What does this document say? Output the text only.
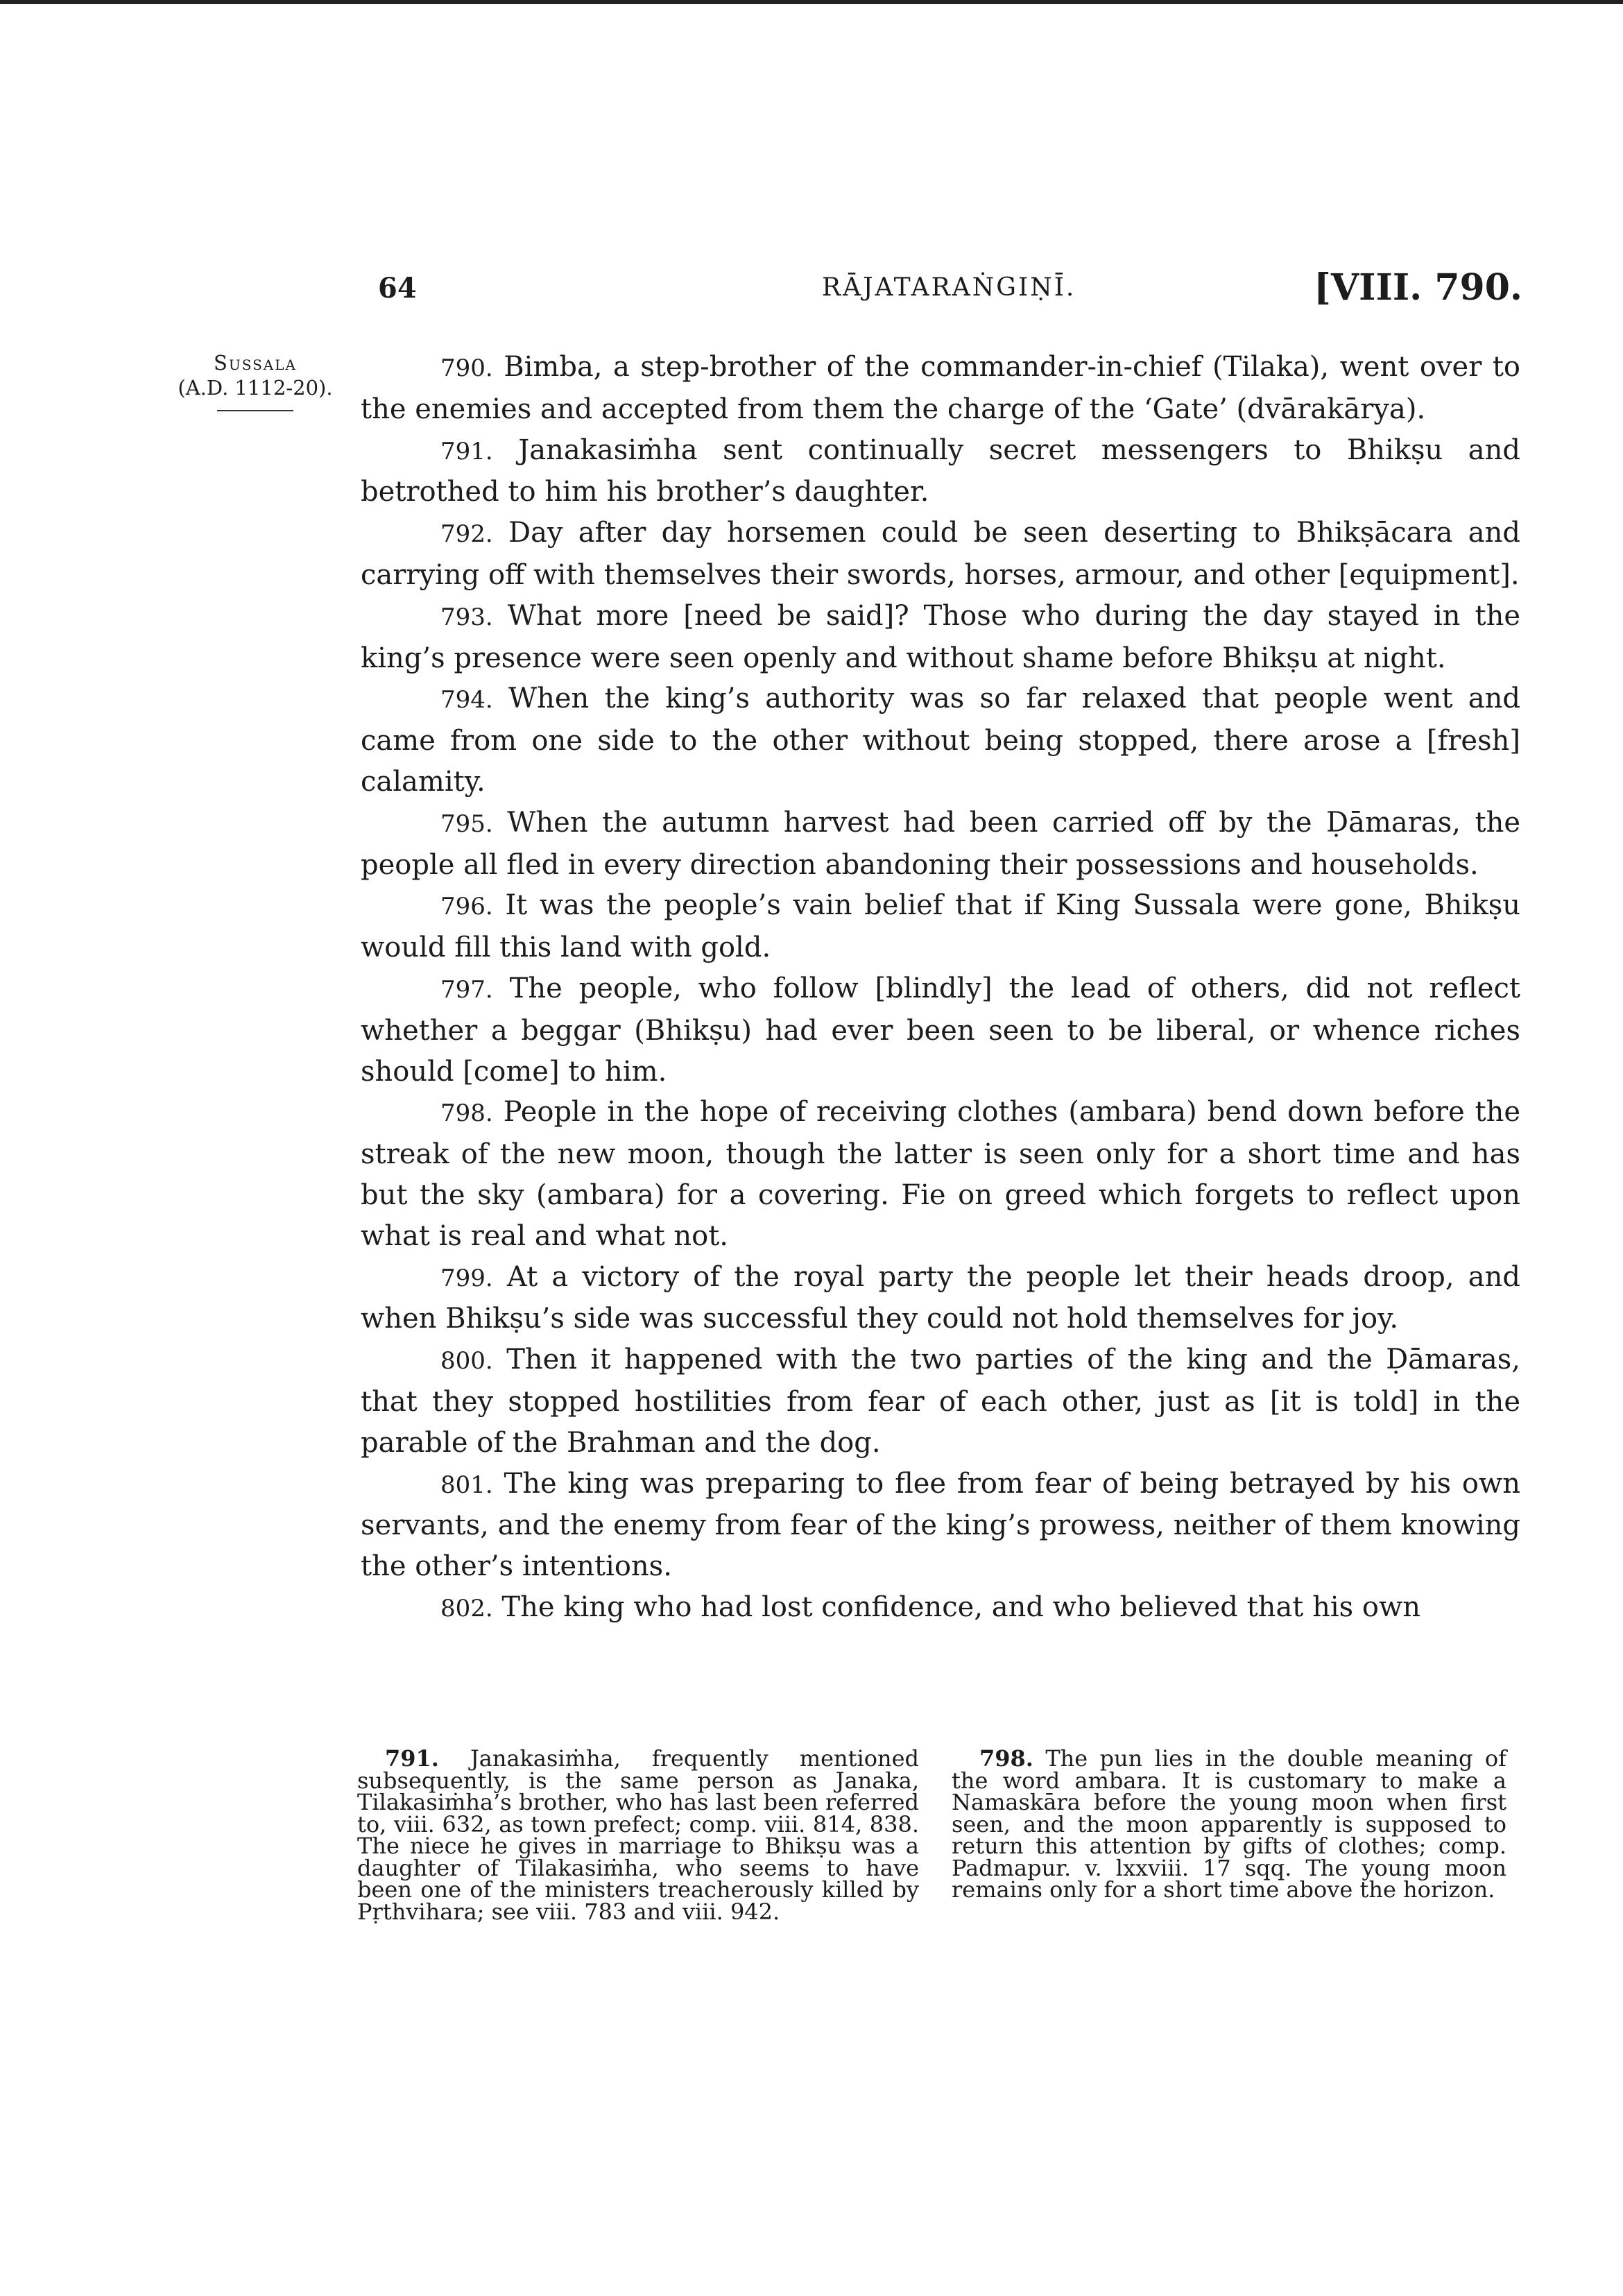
64	RĀJATARAṄGIṆĪ.	[VIII. 790.
Sussala
(A.D. 1112-20).

790. Bimba, a step-brother of the commander-in-chief (Tilaka), went over to the enemies and accepted from them the charge of the ‘Gate’ (dvārakārya).

791. Janakasiṁha sent continually secret messengers to Bhikṣu and betrothed to him his brother’s daughter.

792. Day after day horsemen could be seen deserting to Bhikṣācara and carrying off with themselves their swords, horses, armour, and other [equipment].

793. What more [need be said]? Those who during the day stayed in the king’s presence were seen openly and without shame before Bhikṣu at night.

794. When the king’s authority was so far relaxed that people went and came from one side to the other without being stopped, there arose a [fresh] calamity.

795. When the autumn harvest had been carried off by the Ḍāmaras, the people all fled in every direction abandoning their possessions and households.

796. It was the people’s vain belief that if King Sussala were gone, Bhikṣu would fill this land with gold.

797. The people, who follow [blindly] the lead of others, did not reflect whether a beggar (Bhikṣu) had ever been seen to be liberal, or whence riches should [come] to him.

798. People in the hope of receiving clothes (ambara) bend down before the streak of the new moon, though the latter is seen only for a short time and has but the sky (ambara) for a covering. Fie on greed which forgets to reflect upon what is real and what not.

799. At a victory of the royal party the people let their heads droop, and when Bhikṣu’s side was successful they could not hold themselves for joy.

800. Then it happened with the two parties of the king and the Ḍāmaras, that they stopped hostilities from fear of each other, just as [it is told] in the parable of the Brahman and the dog.

801. The king was preparing to flee from fear of being betrayed by his own servants, and the enemy from fear of the king’s prowess, neither of them knowing the other’s intentions.

802. The king who had lost confidence, and who believed that his own

791. Janakasiṁha, frequently mentioned subsequently, is the same person as Janaka, Tilakasiṁha’s brother, who has last been referred to, viii. 632, as town prefect; comp. viii. 814, 838. The niece he gives in marriage to Bhikṣu was a daughter of Tilakasiṁha, who seems to have been one of the ministers treacherously killed by Pṛthvihara; see viii. 783 and viii. 942.

798. The pun lies in the double meaning of the word ambara. It is customary to make a Namaskāra before the young moon when first seen, and the moon apparently is supposed to return this attention by gifts of clothes; comp. Padmapur. v. lxxviii. 17 sqq. The young moon remains only for a short time above the horizon.
